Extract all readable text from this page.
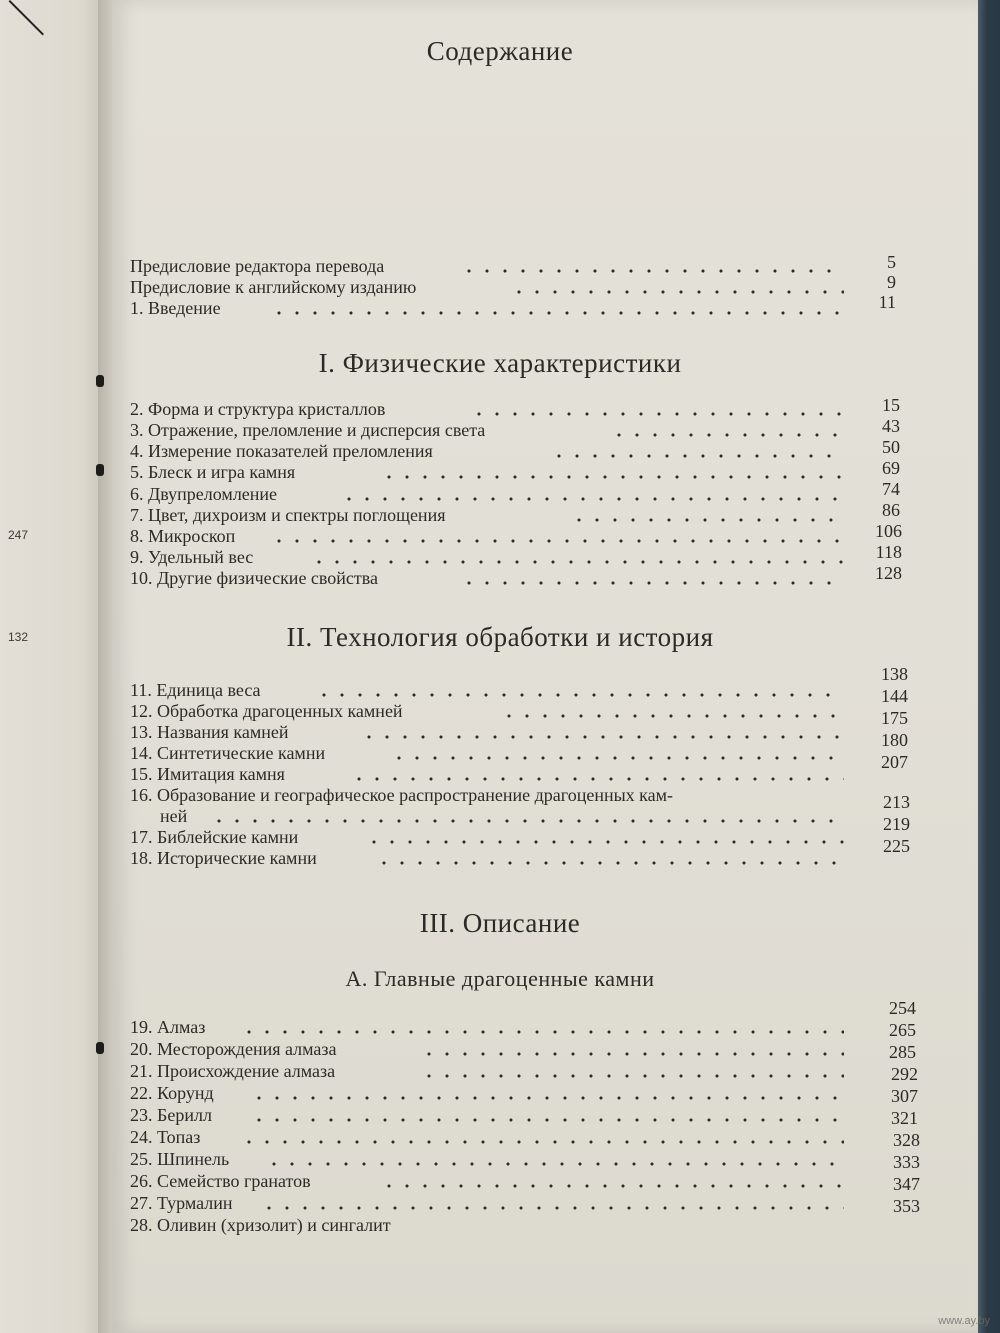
247
132
Содержание
Предисловие редактора перевода
Предисловие к английскому изданию
1. Введение
5
9
11
I. Физические характеристики
2. Форма и структура кристаллов
3. Отражение, преломление и дисперсия света
4. Измерение показателей преломления
5. Блеск и игра камня
6. Двупреломление
7. Цвет, дихроизм и спектры поглощения
8. Микроскоп
9. Удельный вес
10. Другие физические свойства
15
43
50
69
74
86
106
118
128
II. Технология обработки и история
11. Единица веса
12. Обработка драгоценных камней
13. Названия камней
14. Синтетические камни
15. Имитация камня
16. Образование и географическое распространение драгоценных кам-
ней
17. Библейские камни
18. Исторические камни
138
144
175
180
207
213
219
225
III. Описание
А. Главные драгоценные камни
19. Алмаз
20. Месторождения алмаза
21. Происхождение алмаза
22. Корунд
23. Берилл
24. Топаз
25. Шпинель
26. Семейство гранатов
27. Турмалин
28. Оливин (хризолит) и сингалит
254
265
285
292
307
321
328
333
347
353
www.ay.by
